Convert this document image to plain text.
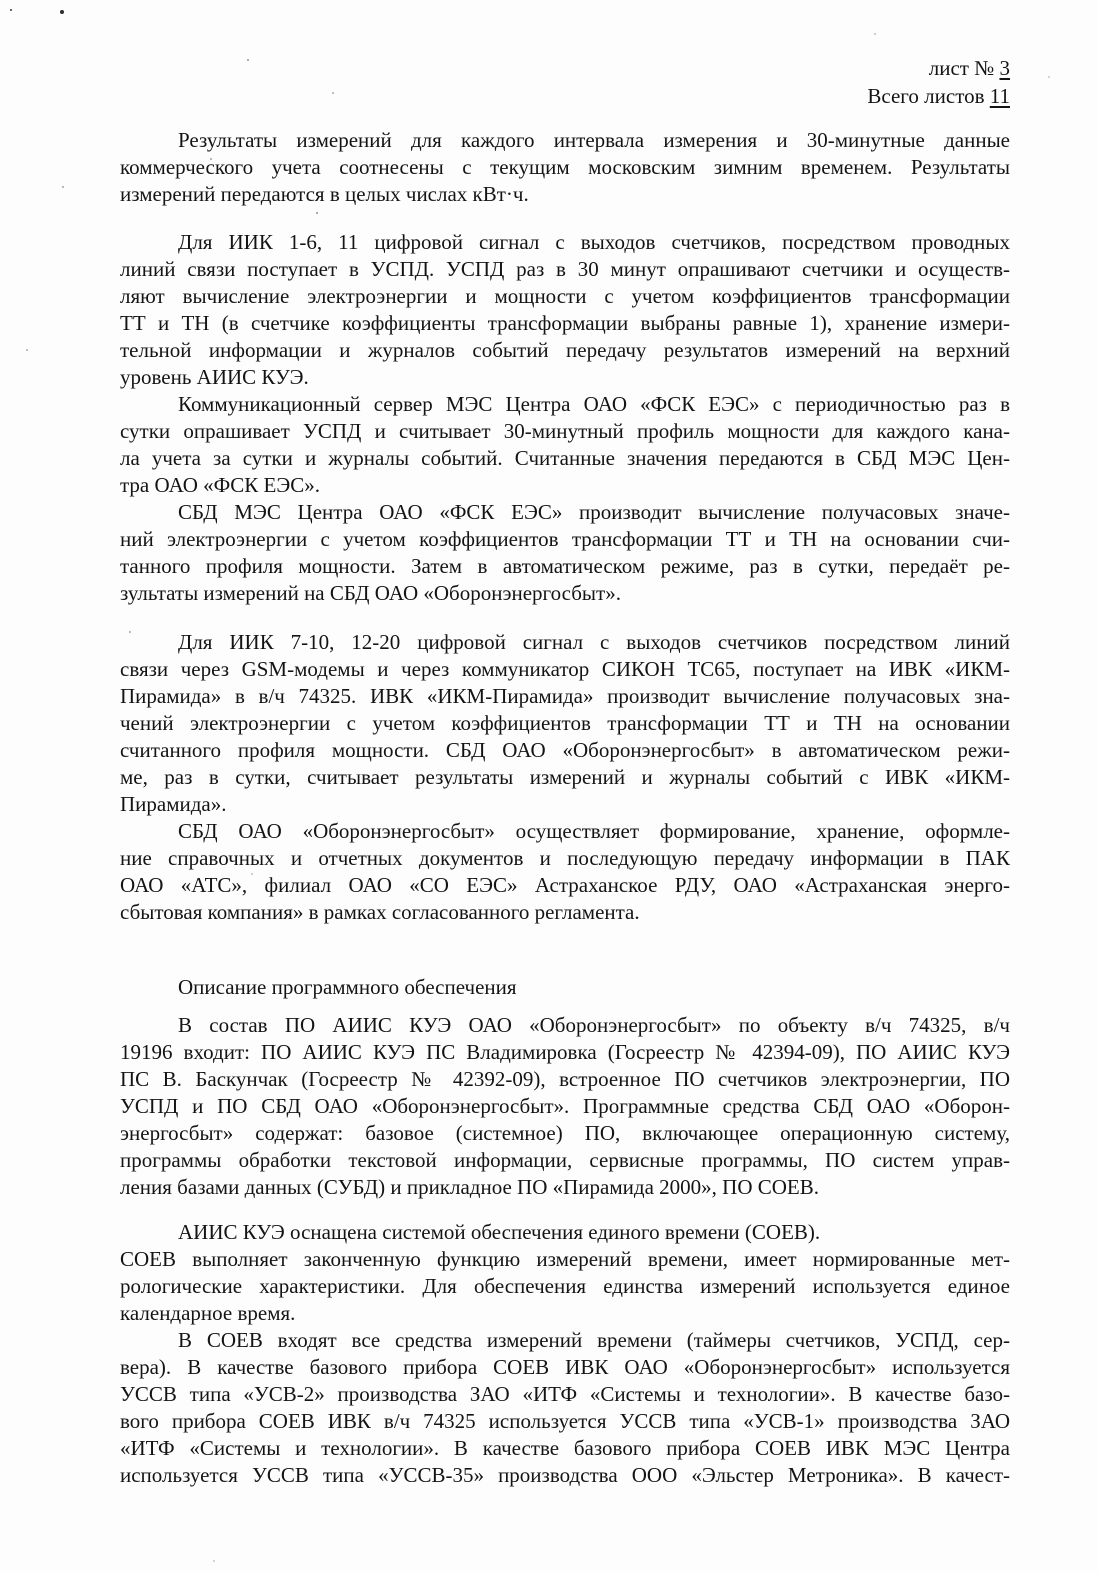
лист № 3
Всего листов 11
Результаты измерений для каждого интервала измерения и 30-минутные данные
коммерческого учета соотнесены с текущим московским зимним временем. Результаты
измерений передаются в целых числах кВт·ч.
Для ИИК 1-6, 11 цифровой сигнал с выходов счетчиков, посредством проводных
линий связи поступает в УСПД. УСПД раз в 30 минут опрашивают счетчики и осуществ-
ляют вычисление электроэнергии и мощности с учетом коэффициентов трансформации
ТТ и ТН (в счетчике коэффициенты трансформации выбраны равные 1), хранение измери-
тельной информации и журналов событий передачу результатов измерений на верхний
уровень АИИС КУЭ.
Коммуникационный сервер МЭС Центра ОАО «ФСК ЕЭС» с периодичностью раз в
сутки опрашивает УСПД и считывает 30-минутный профиль мощности для каждого кана-
ла учета за сутки и журналы событий. Считанные значения передаются в СБД МЭС Цен-
тра ОАО «ФСК ЕЭС».
СБД МЭС Центра ОАО «ФСК ЕЭС» производит вычисление получасовых значе-
ний электроэнергии с учетом коэффициентов трансформации ТТ и ТН на основании счи-
танного профиля мощности. Затем в автоматическом режиме, раз в сутки, передаёт ре-
зультаты измерений на СБД ОАО «Оборонэнергосбыт».
Для ИИК 7-10, 12-20 цифровой сигнал с выходов счетчиков посредством линий
связи через GSM-модемы и через коммуникатор СИКОН ТС65, поступает на ИВК «ИКМ-
Пирамида» в в/ч 74325. ИВК «ИКМ-Пирамида» производит вычисление получасовых зна-
чений электроэнергии с учетом коэффициентов трансформации ТТ и ТН на основании
считанного профиля мощности. СБД ОАО «Оборонэнергосбыт» в автоматическом режи-
ме, раз в сутки, считывает результаты измерений и журналы событий с ИВК «ИКМ-
Пирамида».
СБД ОАО «Оборонэнергосбыт» осуществляет формирование, хранение, оформле-
ние справочных и отчетных документов и последующую передачу информации в ПАК
ОАО «АТС», филиал ОАО «СО ЕЭС» Астраханское РДУ, ОАО «Астраханская энерго-
сбытовая компания» в рамках согласованного регламента.
Описание программного обеспечения
В состав ПО АИИС КУЭ ОАО «Оборонэнергосбыт» по объекту в/ч 74325, в/ч
19196 входит: ПО АИИС КУЭ ПС Владимировка (Госреестр № 42394-09), ПО АИИС КУЭ
ПС В. Баскунчак (Госреестр № 42392-09), встроенное ПО счетчиков электроэнергии, ПО
УСПД и ПО СБД ОАО «Оборонэнергосбыт». Программные средства СБД ОАО «Оборон-
энергосбыт» содержат: базовое (системное) ПО, включающее операционную систему,
программы обработки текстовой информации, сервисные программы, ПО систем управ-
ления базами данных (СУБД) и прикладное ПО «Пирамида 2000», ПО СОЕВ.
АИИС КУЭ оснащена системой обеспечения единого времени (СОЕВ).
СОЕВ выполняет законченную функцию измерений времени, имеет нормированные мет-
рологические характеристики. Для обеспечения единства измерений используется единое
календарное время.
В СОЕВ входят все средства измерений времени (таймеры счетчиков, УСПД, сер-
вера). В качестве базового прибора СОЕВ ИВК ОАО «Оборонэнергосбыт» используется
УССВ типа «УСВ-2» производства ЗАО «ИТФ «Системы и технологии». В качестве базо-
вого прибора СОЕВ ИВК в/ч 74325 используется УССВ типа «УСВ-1» производства ЗАО
«ИТФ «Системы и технологии». В качестве базового прибора СОЕВ ИВК МЭС Центра
используется УССВ типа «УССВ-35» производства ООО «Эльстер Метроника». В качест-
